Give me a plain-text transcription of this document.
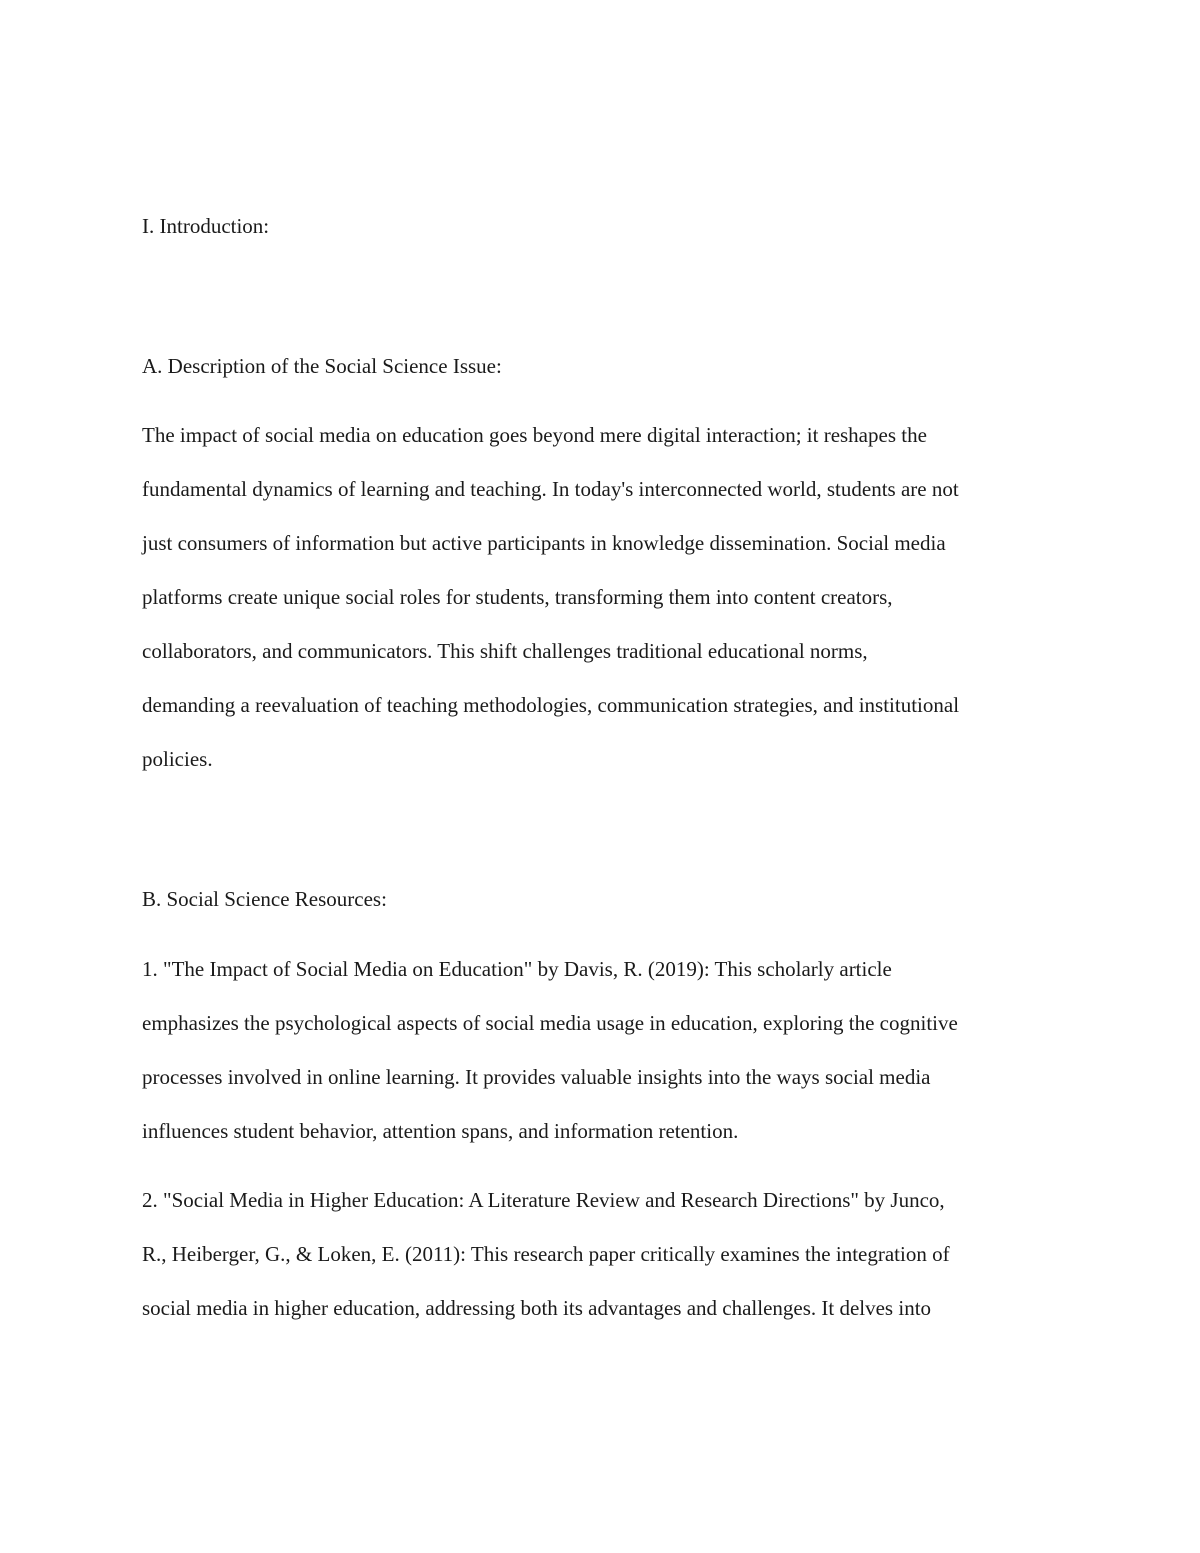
I. Introduction:
A. Description of the Social Science Issue:
The impact of social media on education goes beyond mere digital interaction; it reshapes the
fundamental dynamics of learning and teaching. In today's interconnected world, students are not
just consumers of information but active participants in knowledge dissemination. Social media
platforms create unique social roles for students, transforming them into content creators,
collaborators, and communicators. This shift challenges traditional educational norms,
demanding a reevaluation of teaching methodologies, communication strategies, and institutional
policies.
B. Social Science Resources:
1. "The Impact of Social Media on Education" by Davis, R. (2019): This scholarly article
emphasizes the psychological aspects of social media usage in education, exploring the cognitive
processes involved in online learning. It provides valuable insights into the ways social media
influences student behavior, attention spans, and information retention.
2. "Social Media in Higher Education: A Literature Review and Research Directions" by Junco,
R., Heiberger, G., & Loken, E. (2011): This research paper critically examines the integration of
social media in higher education, addressing both its advantages and challenges. It delves into
